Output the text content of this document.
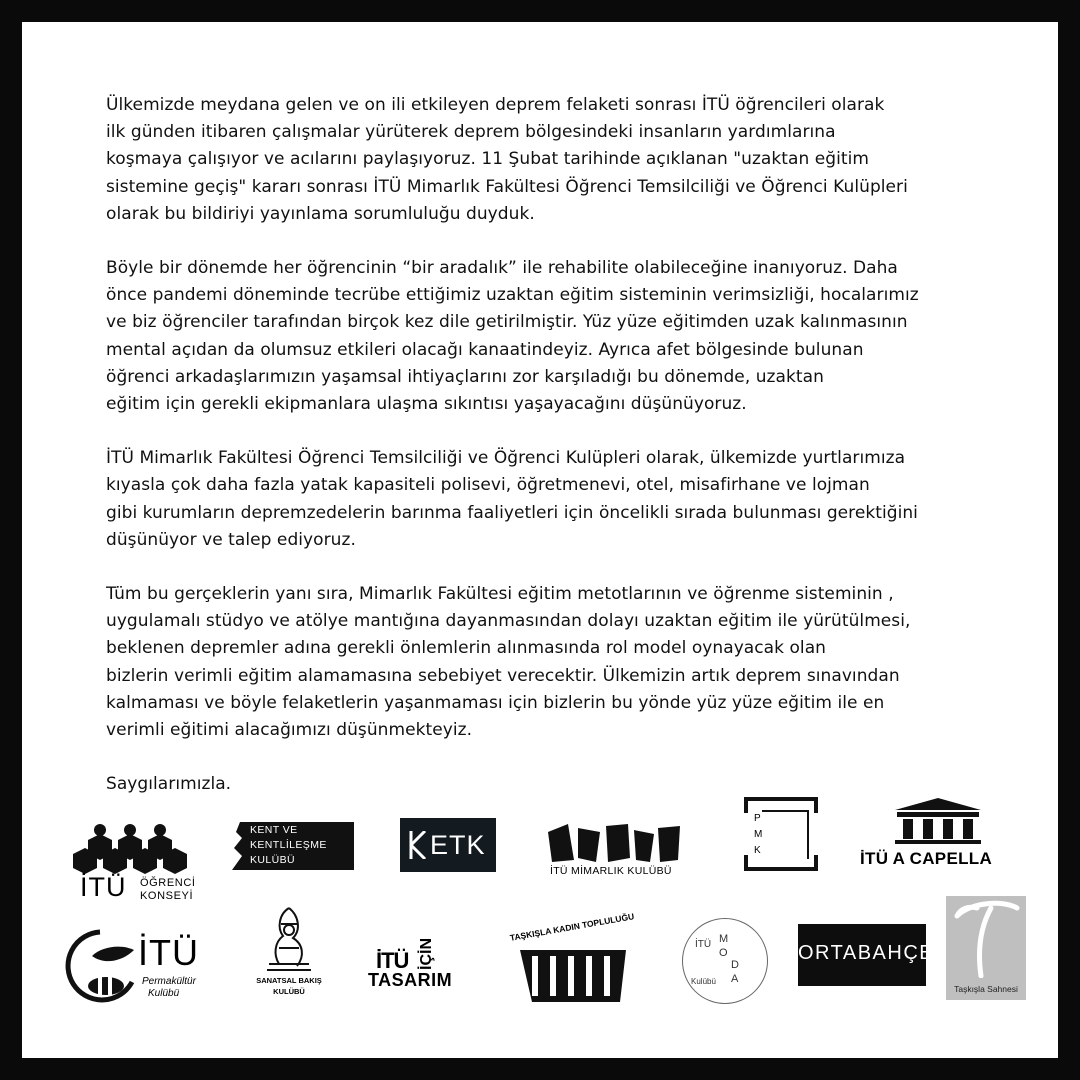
Ülkemizde meydana gelen ve on ili etkileyen deprem felaketi sonrası İTÜ öğrencileri olarak
ilk günden itibaren çalışmalar yürüterek deprem bölgesindeki insanların yardımlarına
koşmaya çalışıyor ve acılarını paylaşıyoruz. 11 Şubat tarihinde açıklanan "uzaktan eğitim
sistemine geçiş" kararı sonrası İTÜ Mimarlık Fakültesi Öğrenci Temsilciliği ve Öğrenci Kulüpleri
olarak bu bildiriyi yayınlama sorumluluğu duyduk.

Böyle bir dönemde her öğrencinin “bir aradalık” ile rehabilite olabileceğine inanıyoruz. Daha
önce pandemi döneminde tecrübe ettiğimiz uzaktan eğitim sisteminin verimsizliği, hocalarımız
ve biz öğrenciler tarafından birçok kez dile getirilmiştir. Yüz yüze eğitimden uzak kalınmasının
mental açıdan da olumsuz etkileri olacağı kanaatindeyiz. Ayrıca afet bölgesinde bulunan
öğrenci arkadaşlarımızın yaşamsal ihtiyaçlarını zor karşıladığı bu dönemde, uzaktan
eğitim için gerekli ekipmanlara ulaşma sıkıntısı yaşayacağını düşünüyoruz.

İTÜ Mimarlık Fakültesi Öğrenci Temsilciliği ve Öğrenci Kulüpleri olarak, ülkemizde yurtlarımıza
kıyasla çok daha fazla yatak kapasiteli polisevi, öğretmenevi, otel, misafirhane ve lojman
gibi kurumların depremzedelerin barınma faaliyetleri için öncelikli sırada bulunması gerektiğini
düşünüyor ve talep ediyoruz.

Tüm bu gerçeklerin yanı sıra, Mimarlık Fakültesi eğitim metotlarının ve öğrenme sisteminin ,
uygulamalı stüdyo ve atölye mantığına dayanmasından dolayı uzaktan eğitim ile yürütülmesi,
beklenen depremler adına gerekli önlemlerin alınmasında rol model oynayacak olan
bizlerin verimli eğitim alamamasına sebebiyet verecektir. Ülkemizin artık deprem sınavından
kalmaması ve böyle felaketlerin yaşanmaması için bizlerin bu yönde yüz yüze eğitim ile en
verimli eğitimi alacağımızı düşünmekteyiz.

Saygılarımızla.

İTÜ ÖĞRENCİ
KONSEYİ
KENT VE
KENTLİLEŞME
KULÜBÜ	ETK
İTÜ MİMARLIK KULÜBÜ
P
M
K	İTÜ A CAPELLA
İTÜ
Permakültür
Kulübü
SANATSAL BAKIŞ
KULÜBÜ
İTÜ İÇİN
TASARIM
TAŞKIŞLA KADIN TOPLULUĞU
İTÜ M
O
D
A
Kulübü
ORTABAHÇE
Taşkışla Sahnesi
